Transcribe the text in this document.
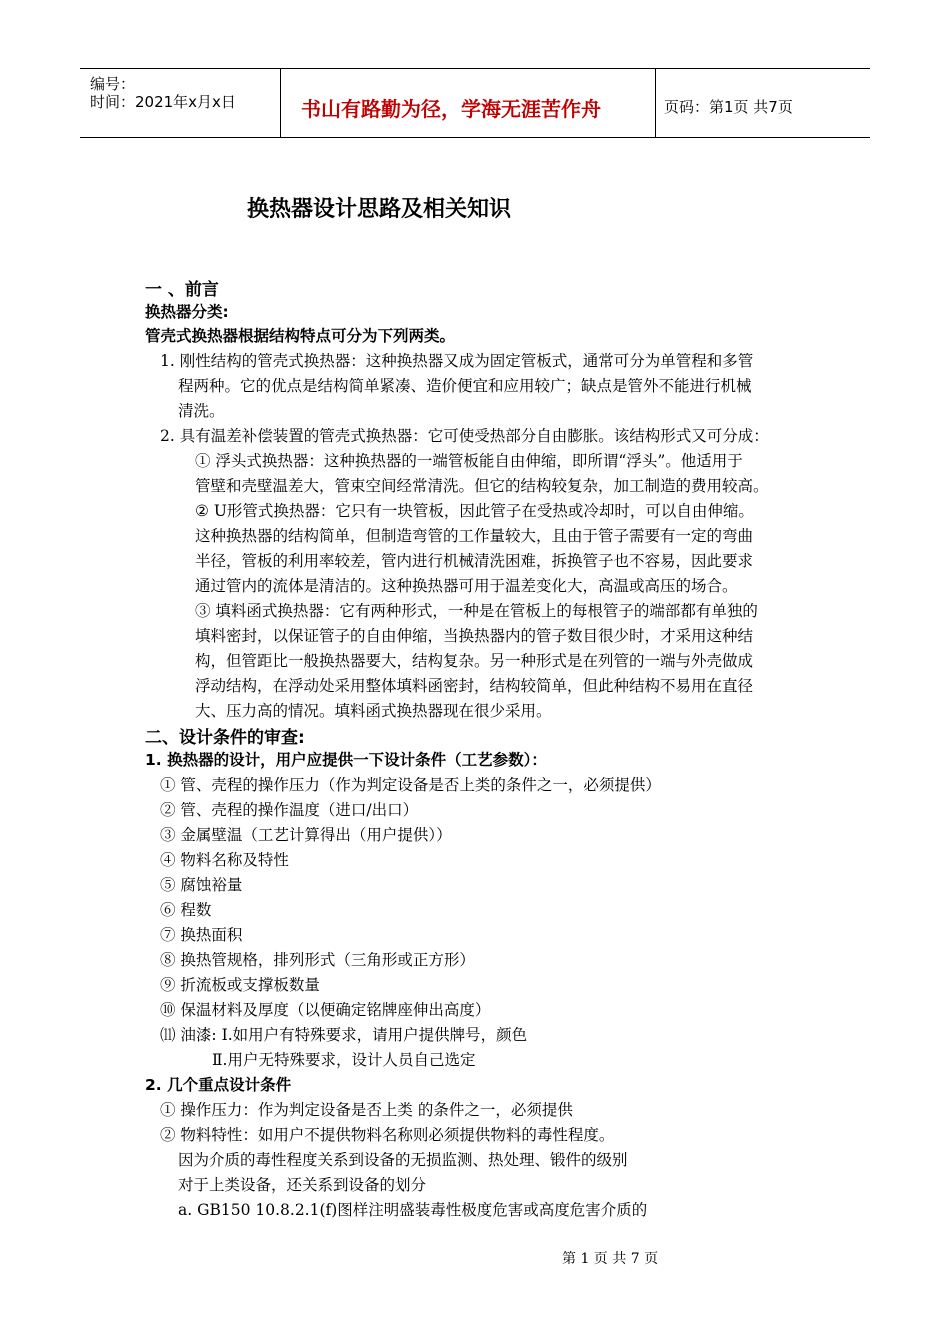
编号：
时间：2021年x月x日	书山有路勤为径，学海无涯苦作舟	页码：第1页 共7页
换热器设计思路及相关知识
一 、前言
换热器分类:
管壳式换热器根据结构特点可分为下列两类。
1. 刚性结构的管壳式换热器：这种换热器又成为固定管板式，通常可分为单管程和多管
程两种。它的优点是结构简单紧凑、造价便宜和应用较广；缺点是管外不能进行机械
清洗。
2. 具有温差补偿装置的管壳式换热器：它可使受热部分自由膨胀。该结构形式又可分成：
① 浮头式换热器：这种换热器的一端管板能自由伸缩，即所谓“浮头”。他适用于
管壁和壳壁温差大，管束空间经常清洗。但它的结构较复杂，加工制造的费用较高。
② U形管式换热器：它只有一块管板，因此管子在受热或冷却时，可以自由伸缩。
这种换热器的结构简单，但制造弯管的工作量较大，且由于管子需要有一定的弯曲
半径，管板的利用率较差，管内进行机械清洗困难，拆换管子也不容易，因此要求
通过管内的流体是清洁的。这种换热器可用于温差变化大，高温或高压的场合。
③ 填料函式换热器：它有两种形式，一种是在管板上的每根管子的端部都有单独的
填料密封，以保证管子的自由伸缩，当换热器内的管子数目很少时，才采用这种结
构，但管距比一般换热器要大，结构复杂。另一种形式是在列管的一端与外壳做成
浮动结构，在浮动处采用整体填料函密封，结构较简单，但此种结构不易用在直径
大、压力高的情况。填料函式换热器现在很少采用。
二、设计条件的审查:
1. 换热器的设计，用户应提供一下设计条件（工艺参数）：
① 管、壳程的操作压力（作为判定设备是否上类的条件之一，必须提供）
② 管、壳程的操作温度（进口/出口）
③ 金属壁温（工艺计算得出（用户提供））
④ 物料名称及特性
⑤ 腐蚀裕量
⑥ 程数
⑦ 换热面积
⑧ 换热管规格，排列形式（三角形或正方形）
⑨ 折流板或支撑板数量
⑩ 保温材料及厚度（以便确定铭牌座伸出高度）
⑾ 油漆: Ⅰ.如用户有特殊要求，请用户提供牌号，颜色
Ⅱ.用户无特殊要求，设计人员自己选定
2. 几个重点设计条件
① 操作压力：作为判定设备是否上类 的条件之一，必须提供
② 物料特性：如用户不提供物料名称则必须提供物料的毒性程度。
因为介质的毒性程度关系到设备的无损监测、热处理、锻件的级别
对于上类设备，还关系到设备的划分
a. GB150 10.8.2.1(f)图样注明盛装毒性极度危害或高度危害介质的
第 1 页 共 7 页
